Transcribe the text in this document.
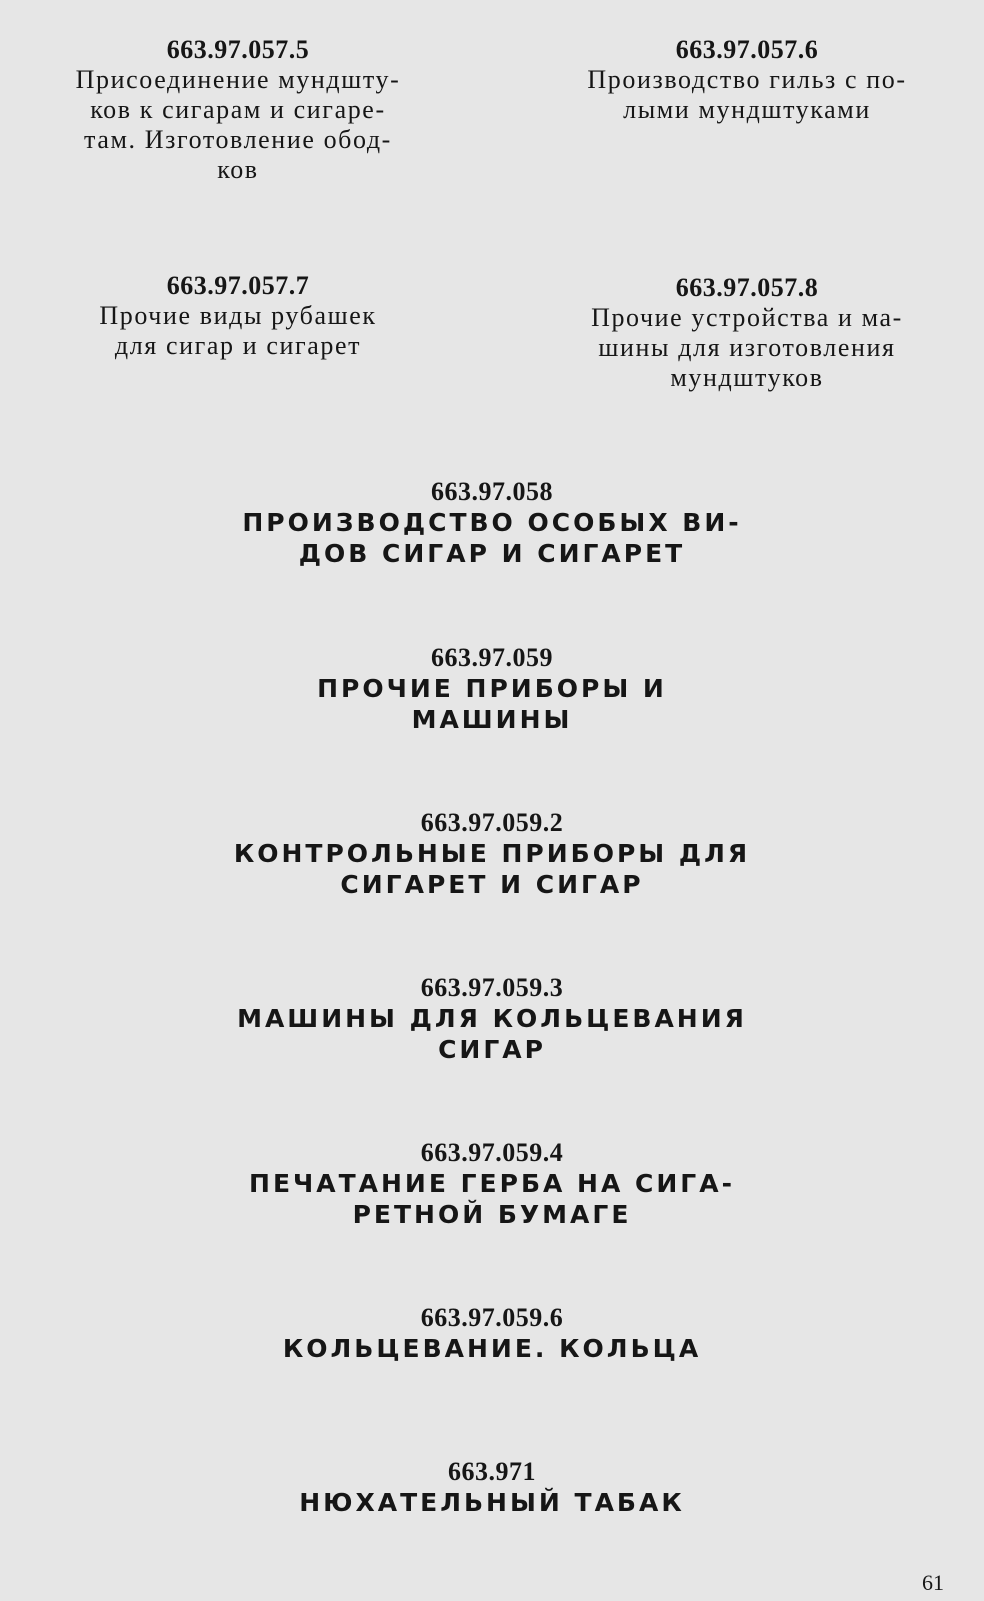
663.97.057.5
Присоединение мундшту-
ков к сигарам и сигаре-
там. Изготовление обод-
ков
663.97.057.6
Производство гильз с по-
лыми мундштуками
663.97.057.7
Прочие виды рубашек
для сигар и сигарет
663.97.057.8
Прочие устройства и ма-
шины для изготовления
мундштуков
663.97.058
ПРОИЗВОДСТВО ОСОБЫХ ВИ-
ДОВ СИГАР И СИГАРЕТ
663.97.059
ПРОЧИЕ ПРИБОРЫ И
МАШИНЫ
663.97.059.2
КОНТРОЛЬНЫЕ ПРИБОРЫ ДЛЯ
СИГАРЕТ И СИГАР
663.97.059.3
МАШИНЫ ДЛЯ КОЛЬЦЕВАНИЯ
СИГАР
663.97.059.4
ПЕЧАТАНИЕ ГЕРБА НА СИГА-
РЕТНОЙ БУМАГЕ
663.97.059.6
КОЛЬЦЕВАНИЕ. КОЛЬЦА
663.971
НЮХАТЕЛЬНЫЙ ТАБАК
61
